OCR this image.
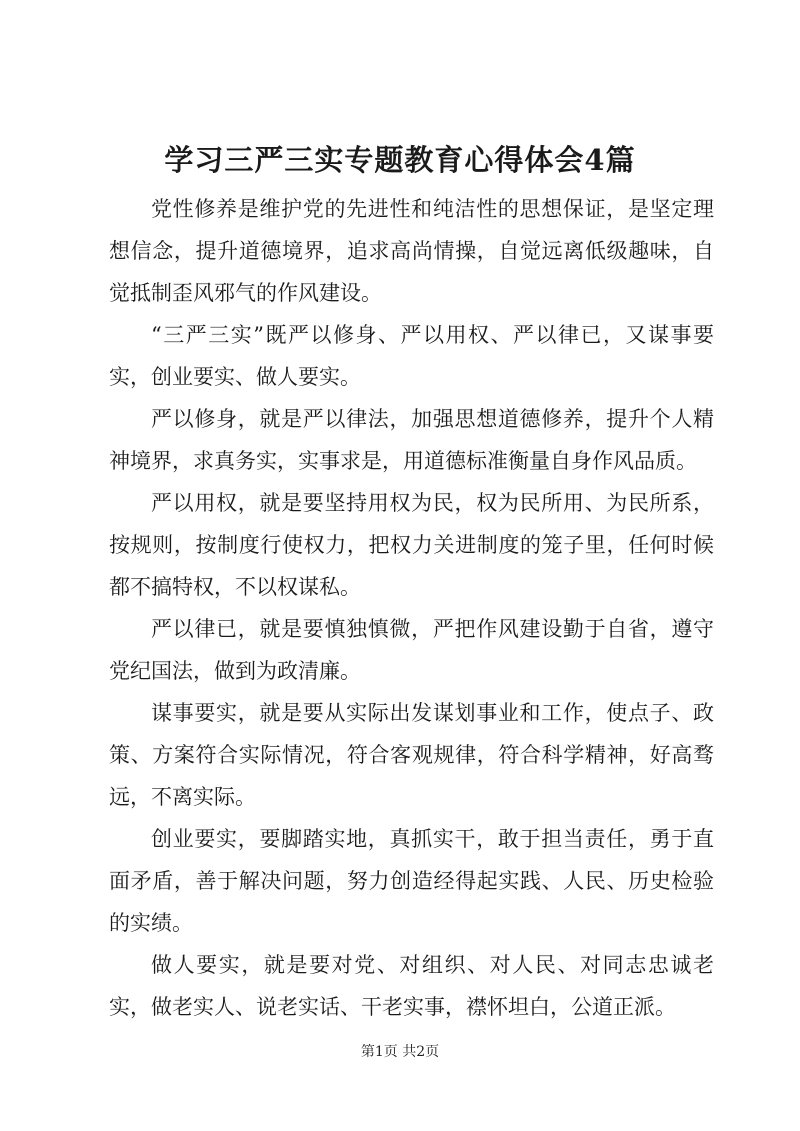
学习三严三实专题教育心得体会4篇

党性修养是维护党的先进性和纯洁性的思想保证，是坚定理想信念，提升道德境界，追求高尚情操，自觉远离低级趣味，自觉抵制歪风邪气的作风建设。

“三严三实”既严以修身、严以用权、严以律已，又谋事要实，创业要实、做人要实。

严以修身，就是严以律法，加强思想道德修养，提升个人精神境界，求真务实，实事求是，用道德标准衡量自身作风品质。

严以用权，就是要坚持用权为民，权为民所用、为民所系，按规则，按制度行使权力，把权力关进制度的笼子里，任何时候都不搞特权，不以权谋私。

严以律已，就是要慎独慎微，严把作风建设勤于自省，遵守党纪国法，做到为政清廉。

谋事要实，就是要从实际出发谋划事业和工作，使点子、政策、方案符合实际情况，符合客观规律，符合科学精神，好高骛远，不离实际。

创业要实，要脚踏实地，真抓实干，敢于担当责任，勇于直面矛盾，善于解决问题，努力创造经得起实践、人民、历史检验的实绩。

做人要实，就是要对党、对组织、对人民、对同志忠诚老实，做老实人、说老实话、干老实事，襟怀坦白，公道正派。

第1页 共2页
